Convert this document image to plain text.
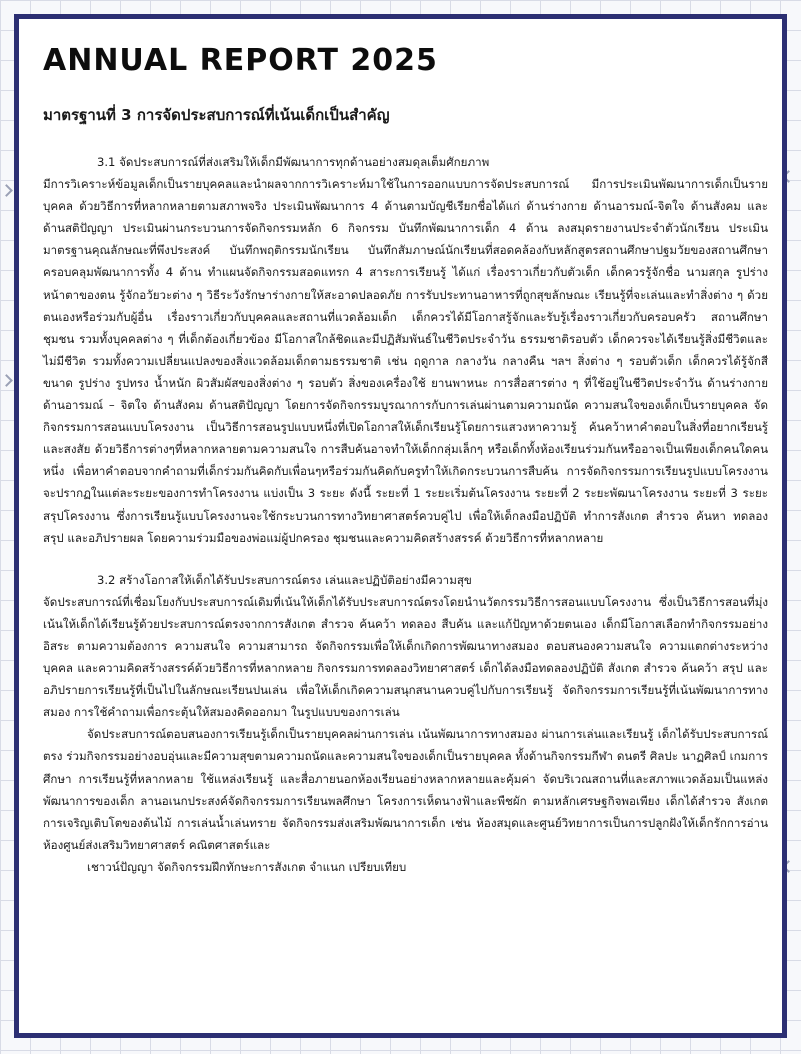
ANNUAL REPORT 2025
มาตรฐานที่ 3 การจัดประสบการณ์ที่เน้นเด็กเป็นสำคัญ

3.1 จัดประสบการณ์ที่ส่งเสริมให้เด็กมีพัฒนาการทุกด้านอย่างสมดุลเต็มศักยภาพ

มีการวิเคราะห์ข้อมูลเด็กเป็นรายบุคคลและนำผลจากการวิเคราะห์มาใช้ในการออกแบบการจัดประสบการณ์ มีการประเมินพัฒนาการเด็กเป็นรายบุคคล ด้วยวิธีการที่หลากหลายตามสภาพจริง ประเมินพัฒนาการ 4 ด้านตามบัญชีเรียกชื่อได้แก่ ด้านร่างกาย ด้านอารมณ์-จิตใจ ด้านสังคม และด้านสติปัญญา ประเมินผ่านกระบวนการจัดกิจกรรมหลัก 6 กิจกรรม บันทึกพัฒนาการเด็ก 4 ด้าน ลงสมุดรายงานประจำตัวนักเรียน ประเมินมาตรฐานคุณลักษณะที่พึงประสงค์ บันทึกพฤติกรรมนักเรียน บันทึกสัมภาษณ์นักเรียนที่สอดคล้องกับหลักสูตรสถานศึกษาปฐมวัยของสถานศึกษา ครอบคลุมพัฒนาการทั้ง 4 ด้าน ทำแผนจัดกิจกรรมสอดแทรก 4 สาระการเรียนรู้ ได้แก่ เรื่องราวเกี่ยวกับตัวเด็ก เด็กควรรู้จักชื่อ นามสกุล รูปร่าง หน้าตาของตน รู้จักอวัยวะต่าง ๆ วิธีระวังรักษาร่างกายให้สะอาดปลอดภัย การรับประทานอาหารที่ถูกสุขลักษณะ เรียนรู้ที่จะเล่นและทำสิ่งต่าง ๆ ด้วยตนเองหรือร่วมกับผู้อื่น เรื่องราวเกี่ยวกับบุคคลและสถานที่แวดล้อมเด็ก เด็กควรได้มีโอกาสรู้จักและรับรู้เรื่องราวเกี่ยวกับครอบครัว สถานศึกษา ชุมชน รวมทั้งบุคคลต่าง ๆ ที่เด็กต้องเกี่ยวข้อง มีโอกาสใกล้ชิดและมีปฏิสัมพันธ์ในชีวิตประจำวัน ธรรมชาติรอบตัว เด็กควรจะได้เรียนรู้สิ่งมีชีวิตและไม่มีชีวิต รวมทั้งความเปลี่ยนแปลงของสิ่งแวดล้อมเด็กตามธรรมชาติ เช่น ฤดูกาล กลางวัน กลางคืน ฯลฯ สิ่งต่าง ๆ รอบตัวเด็ก เด็กควรได้รู้จักสี ขนาด รูปร่าง รูปทรง น้ำหนัก ผิวสัมผัสของสิ่งต่าง ๆ รอบตัว สิ่งของเครื่องใช้ ยานพาหนะ การสื่อสารต่าง ๆ ที่ใช้อยู่ในชีวิตประจำวัน ด้านร่างกาย ด้านอารมณ์ – จิตใจ ด้านสังคม ด้านสติปัญญา โดยการจัดกิจกรรมบูรณาการกับการเล่นผ่านตามความถนัด ความสนใจของเด็กเป็นรายบุคคล จัดกิจกรรมการสอนแบบโครงงาน เป็นวิธีการสอนรูปแบบหนึ่งที่เปิดโอกาสให้เด็กเรียนรู้โดยการแสวงหาความรู้ ค้นคว้าหาคำตอบในสิ่งที่อยากเรียนรู้และสงสัย ด้วยวิธีการต่างๆที่หลากหลายตามความสนใจ การสืบค้นอาจทำให้เด็กกลุ่มเล็กๆ หรือเด็กทั้งห้องเรียนร่วมกันหรืออาจเป็นเพียงเด็กคนใดคนหนึ่ง เพื่อหาคำตอบจากคำถามที่เด็กร่วมกันคิดกับเพื่อนๆหรือร่วมกันคิดกับครูทำให้เกิดกระบวนการสืบค้น การจัดกิจกรรมการเรียนรูปแบบโครงงาน จะปรากฏในแต่ละระยะของการทำโครงงาน แบ่งเป็น 3 ระยะ ดังนี้ ระยะที่ 1 ระยะเริ่มต้นโครงงาน ระยะที่ 2 ระยะพัฒนาโครงงาน ระยะที่ 3 ระยะสรุปโครงงาน ซึ่งการเรียนรู้แบบโครงงานจะใช้กระบวนการทางวิทยาศาสตร์ควบคู่ไป เพื่อให้เด็กลงมือปฏิบัติ ทำการสังเกต สำรวจ ค้นหา ทดลอง สรุป และอภิปรายผล โดยความร่วมมือของพ่อแม่ผู้ปกครอง ชุมชนและความคิดสร้างสรรค์ ด้วยวิธีการที่หลากหลาย

3.2 สร้างโอกาสให้เด็กได้รับประสบการณ์ตรง เล่นและปฏิบัติอย่างมีความสุข

จัดประสบการณ์ที่เชื่อมโยงกับประสบการณ์เดิมที่เน้นให้เด็กได้รับประสบการณ์ตรงโดยนำนวัตกรรมวิธีการสอนแบบโครงงาน ซึ่งเป็นวิธีการสอนที่มุ่งเน้นให้เด็กได้เรียนรู้ด้วยประสบการณ์ตรงจากการสังเกต สำรวจ ค้นคว้า ทดลอง สืบค้น และแก้ปัญหาด้วยตนเอง เด็กมีโอกาสเลือกทำกิจกรรมอย่างอิสระ ตามความต้องการ ความสนใจ ความสามารถ จัดกิจกรรมเพื่อให้เด็กเกิดการพัฒนาทางสมอง ตอบสนองความสนใจ ความแตกต่างระหว่างบุคคล และความคิดสร้างสรรค์ด้วยวิธีการที่หลากหลาย กิจกรรมการทดลองวิทยาศาสตร์ เด็กได้ลงมือทดลองปฏิบัติ สังเกต สำรวจ ค้นคว้า สรุป และอภิปรายการเรียนรู้ที่เป็นไปในลักษณะเรียนปนเล่น เพื่อให้เด็กเกิดความสนุกสนานควบคู่ไปกับการเรียนรู้ จัดกิจกรรมการเรียนรู้ที่เน้นพัฒนาการทางสมอง การใช้คำถามเพื่อกระตุ้นให้สมองคิดออกมา ในรูปแบบของการเล่น

จัดประสบการณ์ตอบสนองการเรียนรู้เด็กเป็นรายบุคคลผ่านการเล่น เน้นพัฒนาการทางสมอง ผ่านการเล่นและเรียนรู้ เด็กได้รับประสบการณ์ตรง ร่วมกิจกรรมอย่างอบอุ่นและมีความสุขตามความถนัดและความสนใจของเด็กเป็นรายบุคคล ทั้งด้านกิจกรรมกีฬา ดนตรี ศิลปะ นาฏศิลป์ เกมการศึกษา การเรียนรู้ที่หลากหลาย ใช้แหล่งเรียนรู้ และสื่อภายนอกห้องเรียนอย่างหลากหลายและคุ้มค่า จัดบริเวณสถานที่และสภาพแวดล้อมเป็นแหล่งพัฒนาการของเด็ก ลานอเนกประสงค์จัดกิจกรรมการเรียนพลศึกษา โครงการเห็ดนางฟ้าและพืชผัก ตามหลักเศรษฐกิจพอเพียง เด็กได้สำรวจ สังเกตการเจริญเติบโตของต้นไม้ การเล่นน้ำเล่นทราย จัดกิจกรรมส่งเสริมพัฒนาการเด็ก เช่น ห้องสมุดและศูนย์วิทยาการเป็นการปลูกฝังให้เด็กรักการอ่าน ห้องศูนย์ส่งเสริมวิทยาศาสตร์ คณิตศาสตร์และ

เชาวน์ปัญญา จัดกิจกรรมฝึกทักษะการสังเกต จำแนก เปรียบเทียบ
